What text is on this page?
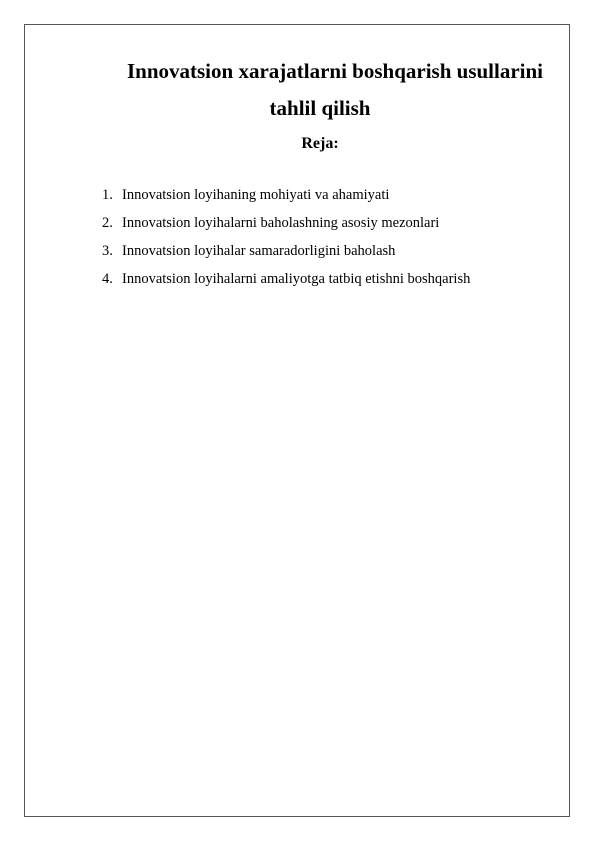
Innovatsion xarajatlarni boshqarish usullarini
tahlil qilish
Reja:
1. Innovatsion loyihaning mohiyati va ahamiyati
2. Innovatsion loyihalarni baholashning asosiy mezonlari
3. Innovatsion loyihalar samaradorligini baholash
4. Innovatsion loyihalarni amaliyotga tatbiq etishni boshqarish
